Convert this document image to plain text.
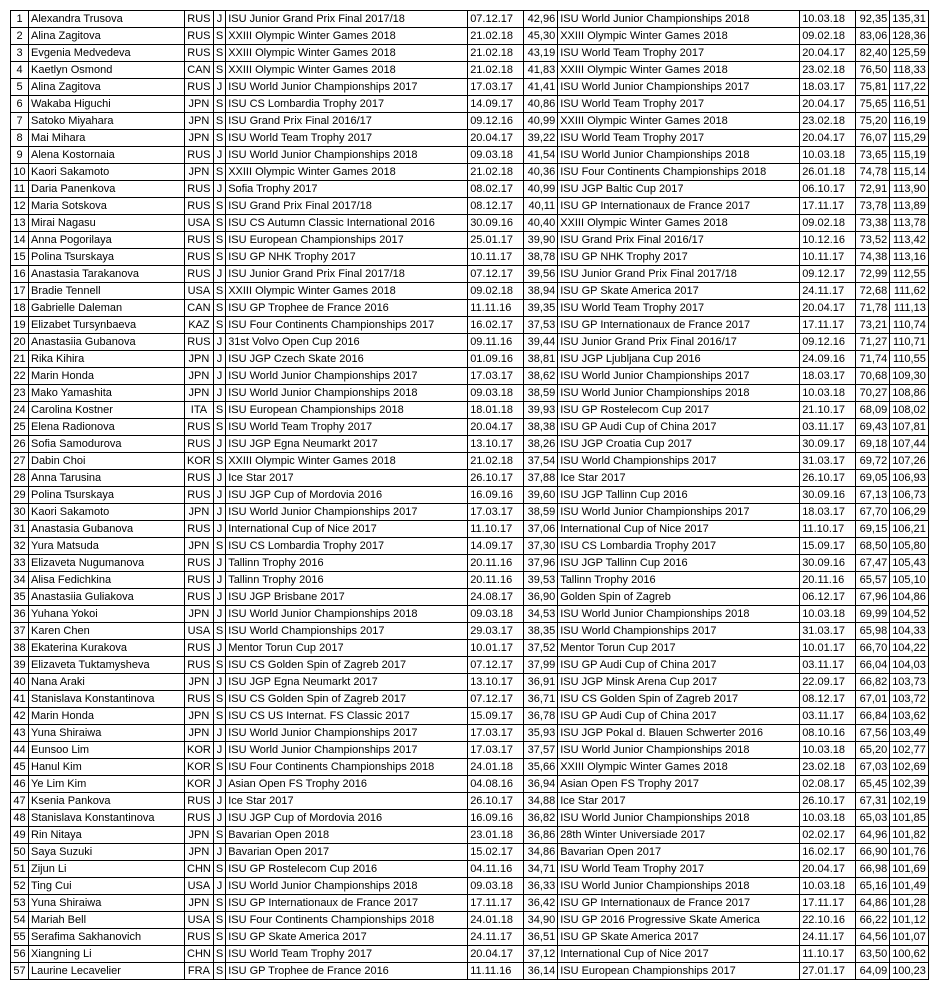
1	Alexandra Trusova	RUS	J	ISU Junior Grand Prix Final 2017/18	07.12.17	42,96	ISU World Junior Championships 2018	10.03.18	92,35	135,31
2	Alina Zagitova	RUS	S	XXIII Olympic Winter Games 2018	21.02.18	45,30	XXIII Olympic Winter Games 2018	09.02.18	83,06	128,36
3	Evgenia Medvedeva	RUS	S	XXIII Olympic Winter Games 2018	21.02.18	43,19	ISU World Team Trophy 2017	20.04.17	82,40	125,59
4	Kaetlyn Osmond	CAN	S	XXIII Olympic Winter Games 2018	21.02.18	41,83	XXIII Olympic Winter Games 2018	23.02.18	76,50	118,33
5	Alina Zagitova	RUS	J	ISU World Junior Championships 2017	17.03.17	41,41	ISU World Junior Championships 2017	18.03.17	75,81	117,22
6	Wakaba Higuchi	JPN	S	ISU CS Lombardia Trophy 2017	14.09.17	40,86	ISU World Team Trophy 2017	20.04.17	75,65	116,51
7	Satoko Miyahara	JPN	S	ISU Grand Prix Final 2016/17	09.12.16	40,99	XXIII Olympic Winter Games 2018	23.02.18	75,20	116,19
8	Mai Mihara	JPN	S	ISU World Team Trophy 2017	20.04.17	39,22	ISU World Team Trophy 2017	20.04.17	76,07	115,29
9	Alena Kostornaia	RUS	J	ISU World Junior Championships 2018	09.03.18	41,54	ISU World Junior Championships 2018	10.03.18	73,65	115,19
10	Kaori Sakamoto	JPN	S	XXIII Olympic Winter Games 2018	21.02.18	40,36	ISU Four Continents Championships 2018	26.01.18	74,78	115,14
11	Daria Panenkova	RUS	J	Sofia Trophy 2017	08.02.17	40,99	ISU JGP Baltic Cup 2017	06.10.17	72,91	113,90
12	Maria Sotskova	RUS	S	ISU Grand Prix Final 2017/18	08.12.17	40,11	ISU GP Internationaux de France 2017	17.11.17	73,78	113,89
13	Mirai Nagasu	USA	S	ISU CS Autumn Classic International 2016	30.09.16	40,40	XXIII Olympic Winter Games 2018	09.02.18	73,38	113,78
14	Anna Pogorilaya	RUS	S	ISU European Championships 2017	25.01.17	39,90	ISU Grand Prix Final 2016/17	10.12.16	73,52	113,42
15	Polina Tsurskaya	RUS	S	ISU GP NHK Trophy 2017	10.11.17	38,78	ISU GP NHK Trophy 2017	10.11.17	74,38	113,16
16	Anastasia Tarakanova	RUS	J	ISU Junior Grand Prix Final 2017/18	07.12.17	39,56	ISU Junior Grand Prix Final 2017/18	09.12.17	72,99	112,55
17	Bradie Tennell	USA	S	XXIII Olympic Winter Games 2018	09.02.18	38,94	ISU GP Skate America 2017	24.11.17	72,68	111,62
18	Gabrielle Daleman	CAN	S	ISU GP Trophee de France 2016	11.11.16	39,35	ISU World Team Trophy 2017	20.04.17	71,78	111,13
19	Elizabet Tursynbaeva	KAZ	S	ISU Four Continents Championships 2017	16.02.17	37,53	ISU GP Internationaux de France 2017	17.11.17	73,21	110,74
20	Anastasiia Gubanova	RUS	J	31st Volvo Open Cup 2016	09.11.16	39,44	ISU Junior Grand Prix Final 2016/17	09.12.16	71,27	110,71
21	Rika Kihira	JPN	J	ISU JGP Czech Skate 2016	01.09.16	38,81	ISU JGP Ljubljana Cup 2016	24.09.16	71,74	110,55
22	Marin Honda	JPN	J	ISU World Junior Championships 2017	17.03.17	38,62	ISU World Junior Championships 2017	18.03.17	70,68	109,30
23	Mako Yamashita	JPN	J	ISU World Junior Championships 2018	09.03.18	38,59	ISU World Junior Championships 2018	10.03.18	70,27	108,86
24	Carolina Kostner	ITA	S	ISU European Championships 2018	18.01.18	39,93	ISU GP Rostelecom Cup 2017	21.10.17	68,09	108,02
25	Elena Radionova	RUS	S	ISU World Team Trophy 2017	20.04.17	38,38	ISU GP Audi Cup of China 2017	03.11.17	69,43	107,81
26	Sofia Samodurova	RUS	J	ISU JGP Egna Neumarkt 2017	13.10.17	38,26	ISU JGP Croatia Cup 2017	30.09.17	69,18	107,44
27	Dabin Choi	KOR	S	XXIII Olympic Winter Games 2018	21.02.18	37,54	ISU World Championships 2017	31.03.17	69,72	107,26
28	Anna Tarusina	RUS	J	Ice Star 2017	26.10.17	37,88	Ice Star 2017	26.10.17	69,05	106,93
29	Polina Tsurskaya	RUS	J	ISU JGP Cup of Mordovia 2016	16.09.16	39,60	ISU JGP Tallinn Cup 2016	30.09.16	67,13	106,73
30	Kaori Sakamoto	JPN	J	ISU World Junior Championships 2017	17.03.17	38,59	ISU World Junior Championships 2017	18.03.17	67,70	106,29
31	Anastasia Gubanova	RUS	J	International Cup of Nice 2017	11.10.17	37,06	International Cup of Nice 2017	11.10.17	69,15	106,21
32	Yura Matsuda	JPN	S	ISU CS Lombardia Trophy 2017	14.09.17	37,30	ISU CS Lombardia Trophy 2017	15.09.17	68,50	105,80
33	Elizaveta Nugumanova	RUS	J	Tallinn Trophy 2016	20.11.16	37,96	ISU JGP Tallinn Cup 2016	30.09.16	67,47	105,43
34	Alisa Fedichkina	RUS	J	Tallinn Trophy 2016	20.11.16	39,53	Tallinn Trophy 2016	20.11.16	65,57	105,10
35	Anastasiia Guliakova	RUS	J	ISU JGP Brisbane 2017	24.08.17	36,90	Golden Spin of Zagreb	06.12.17	67,96	104,86
36	Yuhana Yokoi	JPN	J	ISU World Junior Championships 2018	09.03.18	34,53	ISU World Junior Championships 2018	10.03.18	69,99	104,52
37	Karen Chen	USA	S	ISU World Championships 2017	29.03.17	38,35	ISU World Championships 2017	31.03.17	65,98	104,33
38	Ekaterina Kurakova	RUS	J	Mentor Torun Cup 2017	10.01.17	37,52	Mentor Torun Cup 2017	10.01.17	66,70	104,22
39	Elizaveta Tuktamysheva	RUS	S	ISU CS Golden Spin of Zagreb 2017	07.12.17	37,99	ISU GP Audi Cup of China 2017	03.11.17	66,04	104,03
40	Nana Araki	JPN	J	ISU JGP Egna Neumarkt 2017	13.10.17	36,91	ISU JGP Minsk Arena Cup 2017	22.09.17	66,82	103,73
41	Stanislava Konstantinova	RUS	S	ISU CS Golden Spin of Zagreb 2017	07.12.17	36,71	ISU CS Golden Spin of Zagreb 2017	08.12.17	67,01	103,72
42	Marin Honda	JPN	S	ISU CS US Internat. FS Classic 2017	15.09.17	36,78	ISU GP Audi Cup of China 2017	03.11.17	66,84	103,62
43	Yuna Shiraiwa	JPN	J	ISU World Junior Championships 2017	17.03.17	35,93	ISU JGP Pokal d. Blauen Schwerter 2016	08.10.16	67,56	103,49
44	Eunsoo Lim	KOR	J	ISU World Junior Championships 2017	17.03.17	37,57	ISU World Junior Championships 2018	10.03.18	65,20	102,77
45	Hanul Kim	KOR	S	ISU Four Continents Championships 2018	24.01.18	35,66	XXIII Olympic Winter Games 2018	23.02.18	67,03	102,69
46	Ye Lim Kim	KOR	J	Asian Open FS Trophy 2016	04.08.16	36,94	Asian Open FS Trophy 2017	02.08.17	65,45	102,39
47	Ksenia Pankova	RUS	J	Ice Star 2017	26.10.17	34,88	Ice Star 2017	26.10.17	67,31	102,19
48	Stanislava Konstantinova	RUS	J	ISU JGP Cup of Mordovia 2016	16.09.16	36,82	ISU World Junior Championships 2018	10.03.18	65,03	101,85
49	Rin Nitaya	JPN	S	Bavarian Open 2018	23.01.18	36,86	28th Winter Universiade 2017	02.02.17	64,96	101,82
50	Saya Suzuki	JPN	J	Bavarian Open 2017	15.02.17	34,86	Bavarian Open 2017	16.02.17	66,90	101,76
51	Zijun Li	CHN	S	ISU GP Rostelecom Cup 2016	04.11.16	34,71	ISU World Team Trophy 2017	20.04.17	66,98	101,69
52	Ting Cui	USA	J	ISU World Junior Championships 2018	09.03.18	36,33	ISU World Junior Championships 2018	10.03.18	65,16	101,49
53	Yuna Shiraiwa	JPN	S	ISU GP Internationaux de France 2017	17.11.17	36,42	ISU GP Internationaux de France 2017	17.11.17	64,86	101,28
54	Mariah Bell	USA	S	ISU Four Continents Championships 2018	24.01.18	34,90	ISU GP 2016 Progressive Skate America	22.10.16	66,22	101,12
55	Serafima Sakhanovich	RUS	S	ISU GP Skate America 2017	24.11.17	36,51	ISU GP Skate America 2017	24.11.17	64,56	101,07
56	Xiangning Li	CHN	S	ISU World Team Trophy 2017	20.04.17	37,12	International Cup of Nice 2017	11.10.17	63,50	100,62
57	Laurine Lecavelier	FRA	S	ISU GP Trophee de France 2016	11.11.16	36,14	ISU European Championships 2017	27.01.17	64,09	100,23
